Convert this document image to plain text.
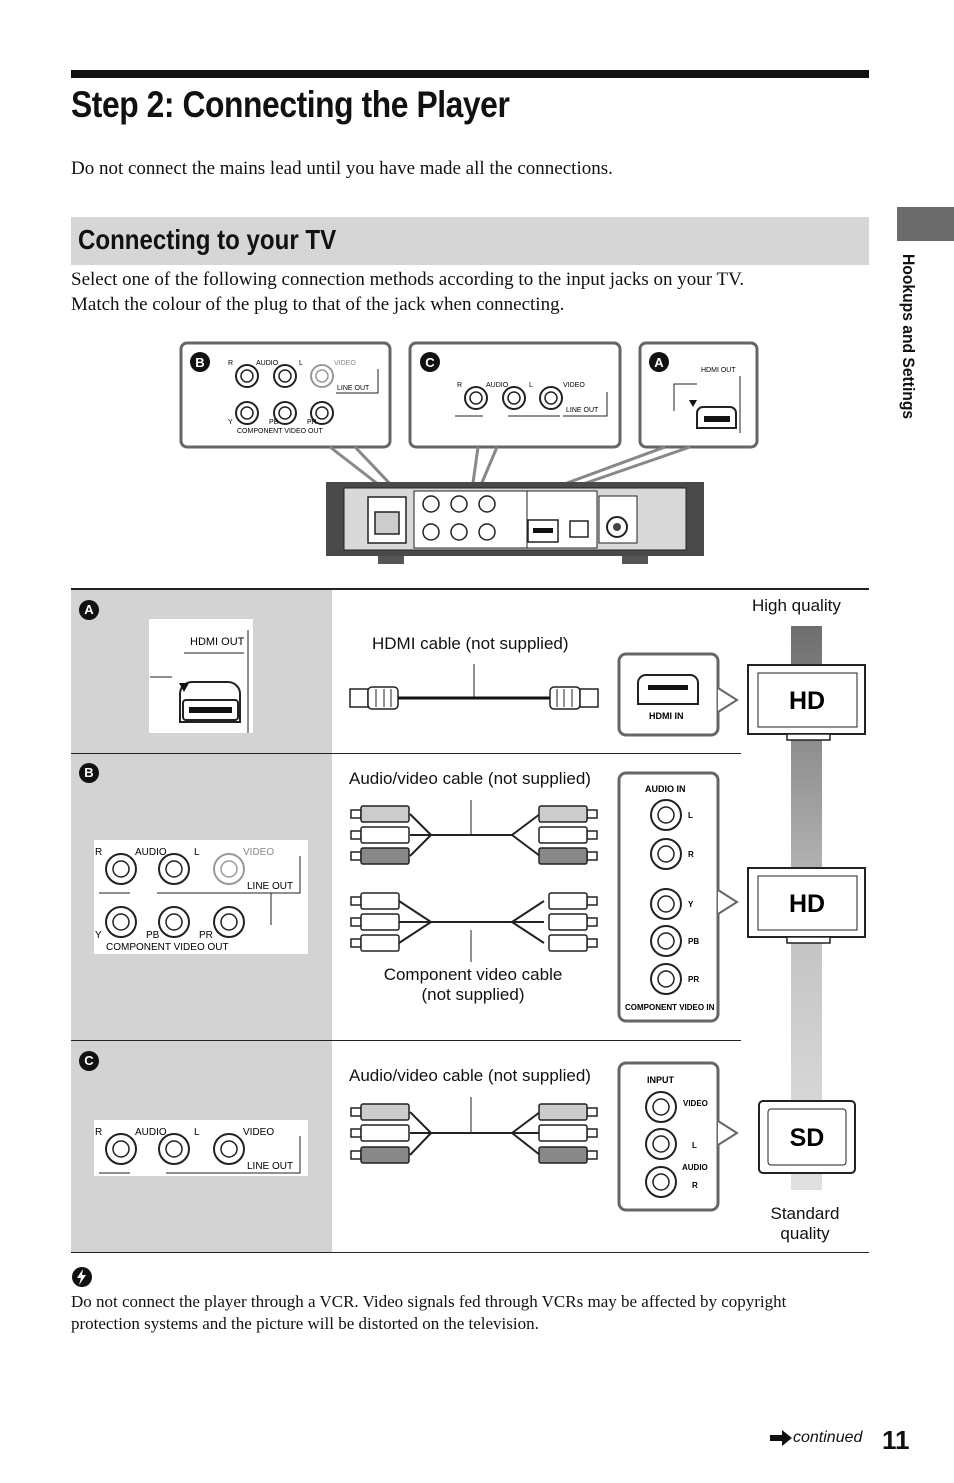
Step 2: Connecting the Player
Do not connect the mains lead until you have made all the connections.
Connecting to your TV
Select one of the following connection methods according to the input jacks on your TV.
Match the colour of the plug to that of the jack when connecting.	Hookups and Settings
B	C	A
R	AUDIO	L	VIDEO
LINE OUT
Y	PB	PR
COMPONENT VIDEO OUT
R	AUDIO	L	VIDEO
LINE OUT
HDMI OUT
High quality
Standard
quality
A
B
C
HDMI OUT	HDMI cable (not supplied)
HDMI IN
HD
R	AUDIO	L	VIDEO
LINE OUT
Y	PB	PR
COMPONENT VIDEO OUT
Audio/video cable (not supplied)
Component video cable
(not supplied)
AUDIO IN
L
R
Y
PB
PR
COMPONENT VIDEO IN
HD
R	AUDIO	L	VIDEO
LINE OUT
Audio/video cable (not supplied)	INPUT
VIDEO
L
AUDIO
R
SD
Do not connect the player through a VCR. Video signals fed through VCRs may be affected by copyright
protection systems and the picture will be distorted on the television.
continued 11
